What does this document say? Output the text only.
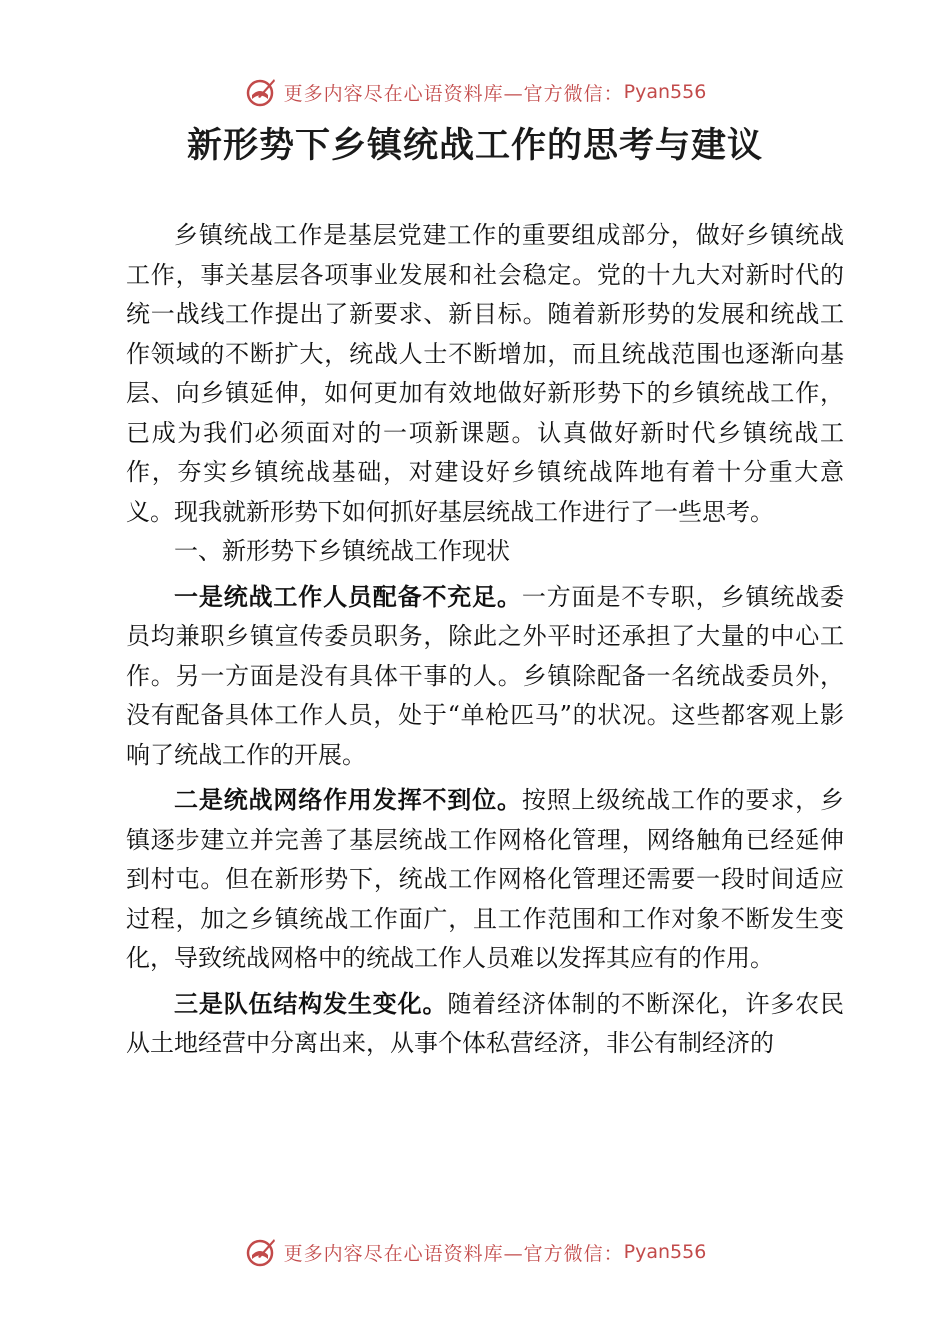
更多内容尽在心语资料库—官方微信： Pyan556
新形势下乡镇统战工作的思考与建议

乡镇统战工作是基层党建工作的重要组成部分，做好乡镇统战工作，事关基层各项事业发展和社会稳定。党的十九大对新时代的统一战线工作提出了新要求、新目标。随着新形势的发展和统战工作领域的不断扩大，统战人士不断增加，而且统战范围也逐渐向基层、向乡镇延伸，如何更加有效地做好新形势下的乡镇统战工作，已成为我们必须面对的一项新课题。认真做好新时代乡镇统战工作，夯实乡镇统战基础，对建设好乡镇统战阵地有着十分重大意义。现我就新形势下如何抓好基层统战工作进行了一些思考。

一、新形势下乡镇统战工作现状

一是统战工作人员配备不充足。一方面是不专职，乡镇统战委员均兼职乡镇宣传委员职务，除此之外平时还承担了大量的中心工作。另一方面是没有具体干事的人。乡镇除配备一名统战委员外，没有配备具体工作人员，处于“单枪匹马”的状况。这些都客观上影响了统战工作的开展。

二是统战网络作用发挥不到位。按照上级统战工作的要求，乡镇逐步建立并完善了基层统战工作网格化管理，网络触角已经延伸到村屯。但在新形势下，统战工作网格化管理还需要一段时间适应过程，加之乡镇统战工作面广，且工作范围和工作对象不断发生变化，导致统战网格中的统战工作人员难以发挥其应有的作用。

三是队伍结构发生变化。随着经济体制的不断深化，许多农民从土地经营中分离出来，从事个体私营经济，非公有制经济的

更多内容尽在心语资料库—官方微信： Pyan556
